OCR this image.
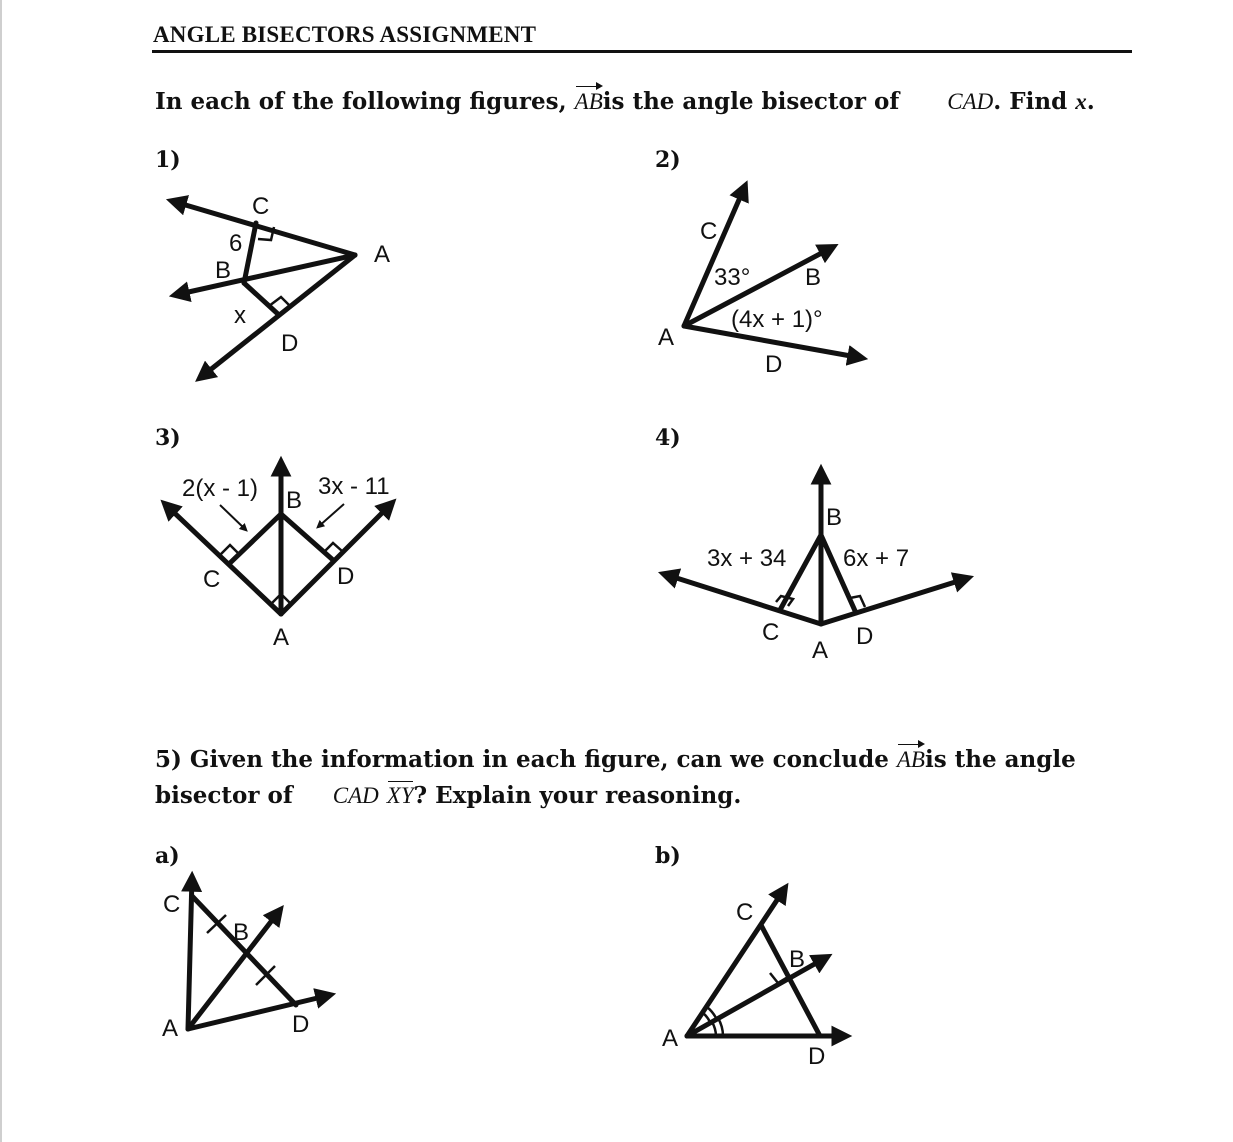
ANGLE BISECTORS ASSIGNMENT
In each of the following figures, ABis the angle bisector of CAD. Find x.
1)	2)
3)	4)
C
A
B
D
6
x
C
B
A
D
33°
(4x + 1)°
2(x - 1) 3x - 11
B
C	D
A
B
3x + 34 6x + 7
C
A
D
5) Given the information in each figure, can we conclude ABis the angle
bisector of CAD XY? Explain your reasoning.
a)	b)
C
B
A	D
C
B
A
D
